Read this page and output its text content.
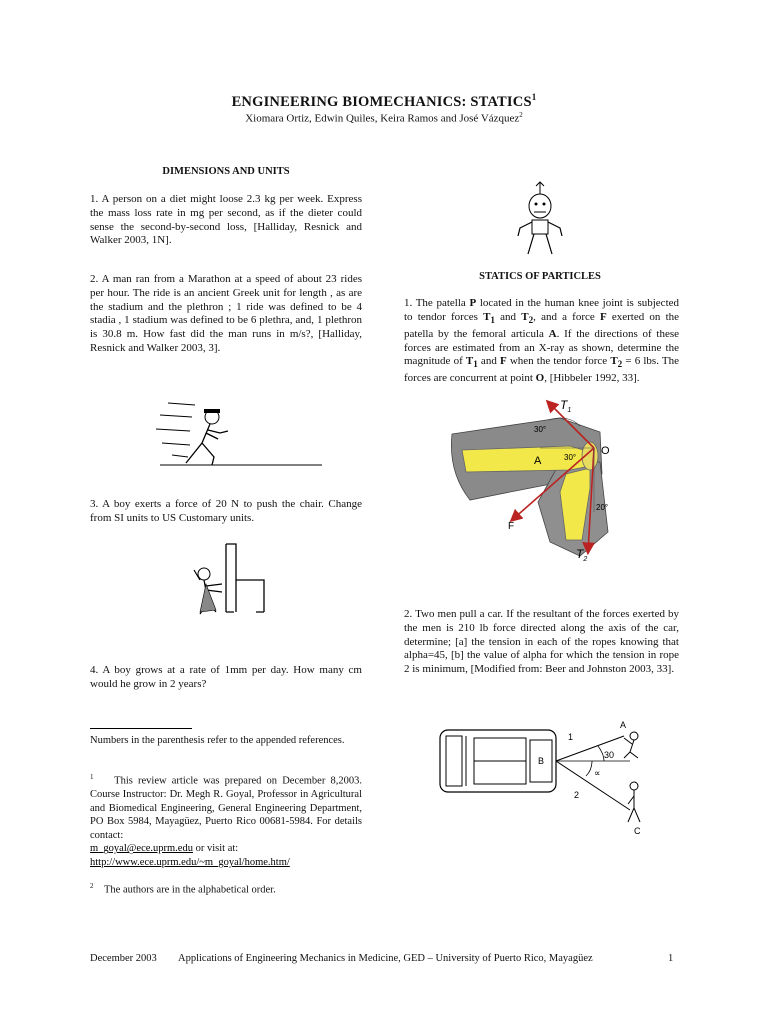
ENGINEERING BIOMECHANICS: STATICS$^1$
Xiomara Ortiz, Edwin Quiles, Keira Ramos and José Vázquez$^2$
DIMENSIONS AND UNITS
1. A person on a diet might loose 2.3 kg per week. Express the mass loss rate in mg per second, as if the dieter could sense the second-by-second loss, [Halliday, Resnick and Walker 2003, 1N].
2. A man ran from a Marathon at a speed of about 23 rides per hour. The ride is an ancient Greek unit for length , as are the stadium and the plethron ; 1 ride was defined to be 4 stadia , 1 stadium was defined to be 6 plethra, and, 1 plethron is 30.8 m. How fast did the man runs in m/s?, [Halliday, Resnick and Walker 2003, 3].
3. A boy exerts a force of 20 N to push the chair. Change from SI units to US Customary units.
4. A boy grows at a rate of 1mm per day. How many cm would he grow in 2 years?
Numbers in the parenthesis refer to the appended references.
$^1$ This review article was prepared on December 8,2003. Course Instructor: Dr. Megh R. Goyal, Professor in Agricultural and Biomedical Engineering, General Engineering Department, PO Box 5984, Mayagüez, Puerto Rico 00681-5984. For details contact:
m_goyal@ece.uprm.edu or visit at:
http://www.ece.uprm.edu/~m_goyal/home.htm/
$^2$ The authors are in the alphabetical order.
STATICS OF PARTICLES
1. The patella P located in the human knee joint is subjected to tendor forces $T_1$ and $T_2$, and a force F exerted on the patella by the femoral articula A. If the directions of these forces are estimated from an X-ray as shown, determine the magnitude of $T_1$ and F when the tendor force $T_2 = 6$ lbs. The forces are concurrent at point O, [Hibbeler 1992, 33].
$T_1$
30°
30°
20°
A
O
F
$T_2$
2. Two men pull a car. If the resultant of the forces exerted by the men is 210 lb force directed along the axis of the car, determine; [a] the tension in each of the ropes knowing that alpha=45, [b] the value of alpha for which the tension in rope 2 is minimum, [Modified from: Beer and Johnston 2003, 33].
B
1
30
∝
2
A
C
December 2003 Applications of Engineering Mechanics in Medicine, GED – University of Puerto Rico, Mayagüez	1
